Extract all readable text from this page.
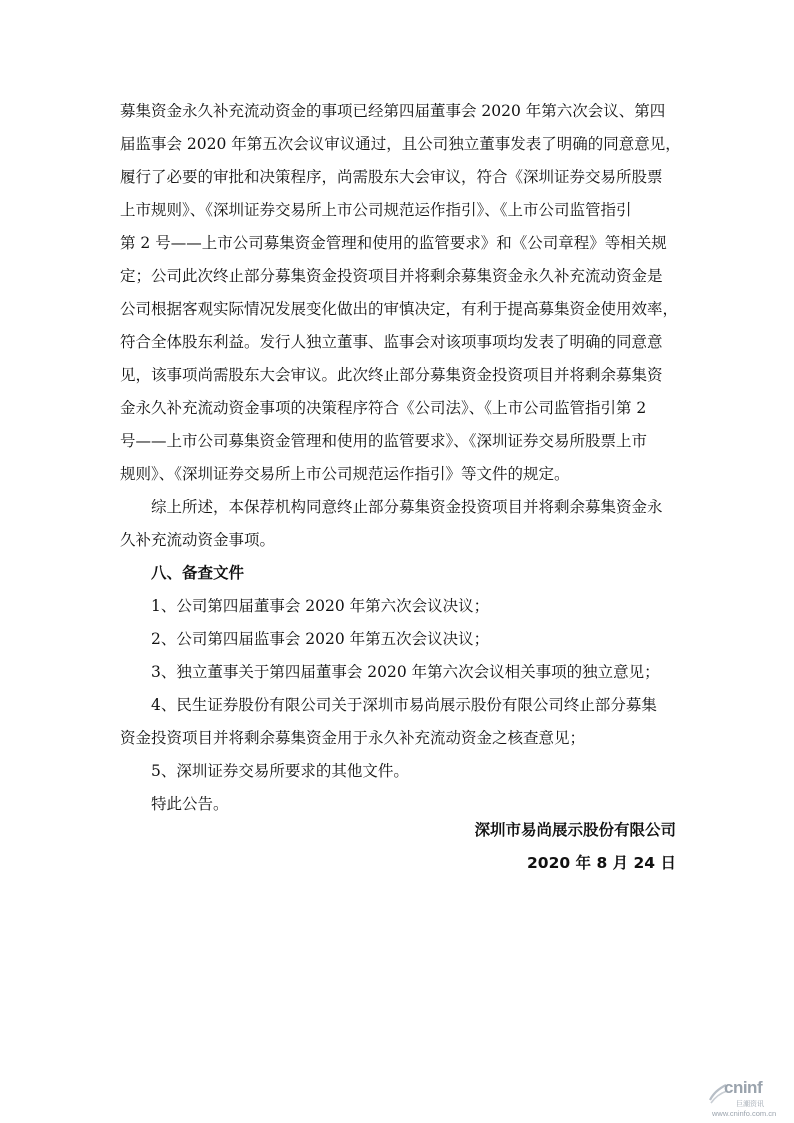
募集资金永久补充流动资金的事项已经第四届董事会 2020 年第六次会议、第四
届监事会 2020 年第五次会议审议通过，且公司独立董事发表了明确的同意意见，
履行了必要的审批和决策程序，尚需股东大会审议，符合《深圳证券交易所股票
上市规则》、《深圳证券交易所上市公司规范运作指引》、《上市公司监管指引
第 2 号——上市公司募集资金管理和使用的监管要求》和《公司章程》等相关规
定；公司此次终止部分募集资金投资项目并将剩余募集资金永久补充流动资金是
公司根据客观实际情况发展变化做出的审慎决定，有利于提高募集资金使用效率，
符合全体股东利益。发行人独立董事、监事会对该项事项均发表了明确的同意意
见，该事项尚需股东大会审议。此次终止部分募集资金投资项目并将剩余募集资
金永久补充流动资金事项的决策程序符合《公司法》、《上市公司监管指引第 2
号——上市公司募集资金管理和使用的监管要求》、《深圳证券交易所股票上市
规则》、《深圳证券交易所上市公司规范运作指引》等文件的规定。
综上所述，本保荐机构同意终止部分募集资金投资项目并将剩余募集资金永
久补充流动资金事项。
八、备查文件
1、公司第四届董事会 2020 年第六次会议决议；
2、公司第四届监事会 2020 年第五次会议决议；
3、独立董事关于第四届董事会 2020 年第六次会议相关事项的独立意见；
4、民生证券股份有限公司关于深圳市易尚展示股份有限公司终止部分募集
资金投资项目并将剩余募集资金用于永久补充流动资金之核查意见；
5、深圳证券交易所要求的其他文件。
特此公告。
深圳市易尚展示股份有限公司
2020 年 8 月 24 日
cninf
巨潮资讯
www.cninfo.com.cn
